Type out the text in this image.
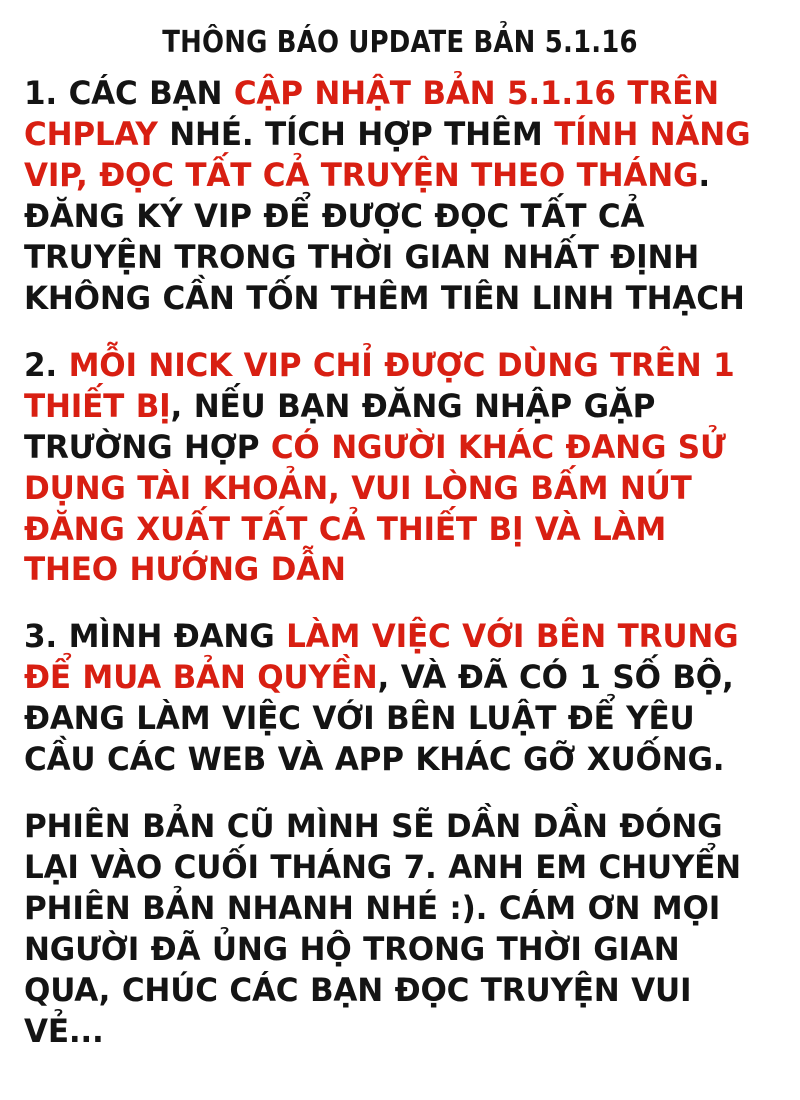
THÔNG BÁO UPDATE BẢN 5.1.16

1. CÁC BẠN CẬP NHẬT BẢN 5.1.16 TRÊN CHPLAY NHÉ. TÍCH HỢP THÊM TÍNH NĂNG VIP, ĐỌC TẤT CẢ TRUYỆN THEO THÁNG. ĐĂNG KÝ VIP ĐỂ ĐƯỢC ĐỌC TẤT CẢ TRUYỆN TRONG THỜI GIAN NHẤT ĐỊNH KHÔNG CẦN TỐN THÊM TIÊN LINH THẠCH

2. MỖI NICK VIP CHỈ ĐƯỢC DÙNG TRÊN 1 THIẾT BỊ, NẾU BẠN ĐĂNG NHẬP GẶP TRƯỜNG HỢP CÓ NGƯỜI KHÁC ĐANG SỬ DỤNG TÀI KHOẢN, VUI LÒNG BẤM NÚT ĐĂNG XUẤT TẤT CẢ THIẾT BỊ VÀ LÀM THEO HƯỚNG DẪN

3. MÌNH ĐANG LÀM VIỆC VỚI BÊN TRUNG ĐỂ MUA BẢN QUYỀN, VÀ ĐÃ CÓ 1 SỐ BỘ, ĐANG LÀM VIỆC VỚI BÊN LUẬT ĐỂ YÊU CẦU CÁC WEB VÀ APP KHÁC GỠ XUỐNG.

PHIÊN BẢN CŨ MÌNH SẼ DẦN DẦN ĐÓNG LẠI VÀO CUỐI THÁNG 7. ANH EM CHUYỂN PHIÊN BẢN NHANH NHÉ :). CÁM ƠN MỌI NGƯỜI ĐÃ ỦNG HỘ TRONG THỜI GIAN QUA, CHÚC CÁC BẠN ĐỌC TRUYỆN VUI VẺ...
